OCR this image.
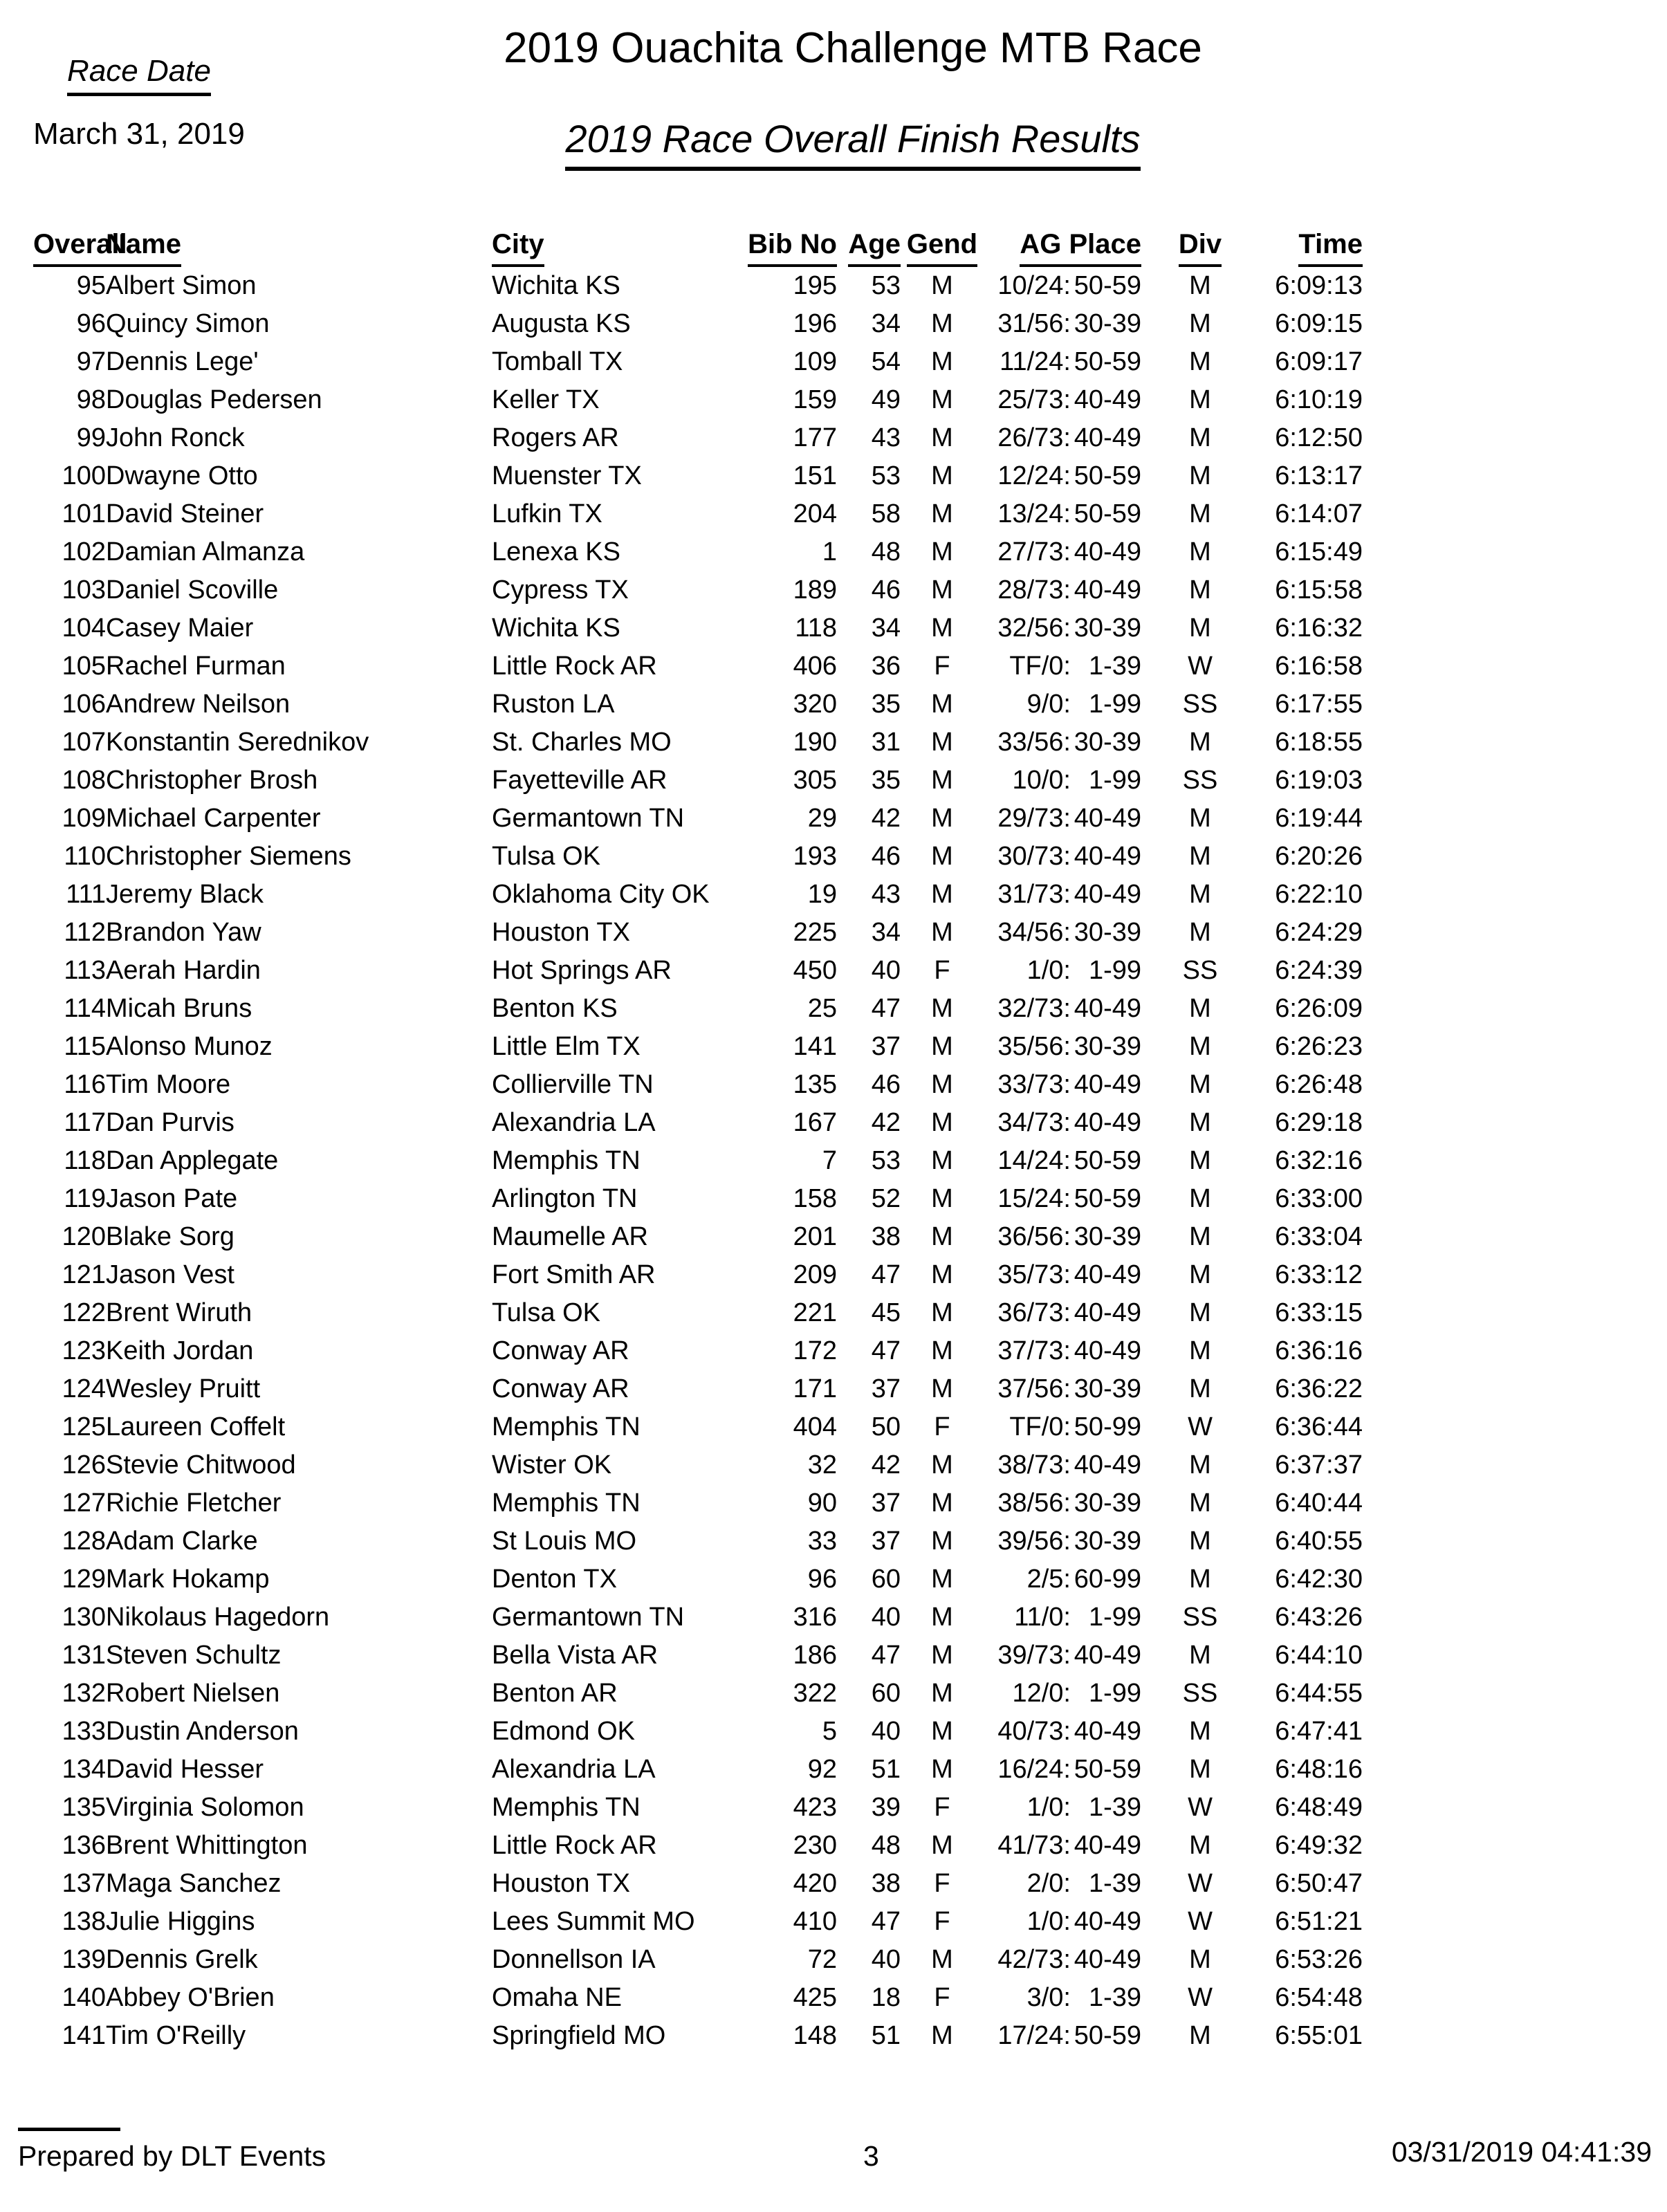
Race Date
March 31, 2019
2019 Ouachita Challenge MTB Race
2019 Race Overall Finish Results
Overall	Name	City	Bib No	Age	Gend	AG Place		Div	Time
95	Albert Simon	Wichita KS	195	53	M	10/24:	50-59	M	6:09:13
96	Quincy Simon	Augusta KS	196	34	M	31/56:	30-39	M	6:09:15
97	Dennis Lege'	Tomball TX	109	54	M	11/24:	50-59	M	6:09:17
98	Douglas Pedersen	Keller TX	159	49	M	25/73:	40-49	M	6:10:19
99	John Ronck	Rogers AR	177	43	M	26/73:	40-49	M	6:12:50
100	Dwayne Otto	Muenster TX	151	53	M	12/24:	50-59	M	6:13:17
101	David Steiner	Lufkin TX	204	58	M	13/24:	50-59	M	6:14:07
102	Damian Almanza	Lenexa KS	1	48	M	27/73:	40-49	M	6:15:49
103	Daniel Scoville	Cypress TX	189	46	M	28/73:	40-49	M	6:15:58
104	Casey Maier	Wichita KS	118	34	M	32/56:	30-39	M	6:16:32
105	Rachel Furman	Little Rock AR	406	36	F	TF/0:	1-39	W	6:16:58
106	Andrew Neilson	Ruston LA	320	35	M	9/0:	1-99	SS	6:17:55
107	Konstantin Serednikov	St. Charles MO	190	31	M	33/56:	30-39	M	6:18:55
108	Christopher Brosh	Fayetteville AR	305	35	M	10/0:	1-99	SS	6:19:03
109	Michael Carpenter	Germantown TN	29	42	M	29/73:	40-49	M	6:19:44
110	Christopher Siemens	Tulsa OK	193	46	M	30/73:	40-49	M	6:20:26
111	Jeremy Black	Oklahoma City OK	19	43	M	31/73:	40-49	M	6:22:10
112	Brandon Yaw	Houston TX	225	34	M	34/56:	30-39	M	6:24:29
113	Aerah Hardin	Hot Springs AR	450	40	F	1/0:	1-99	SS	6:24:39
114	Micah Bruns	Benton KS	25	47	M	32/73:	40-49	M	6:26:09
115	Alonso Munoz	Little Elm TX	141	37	M	35/56:	30-39	M	6:26:23
116	Tim Moore	Collierville TN	135	46	M	33/73:	40-49	M	6:26:48
117	Dan Purvis	Alexandria LA	167	42	M	34/73:	40-49	M	6:29:18
118	Dan Applegate	Memphis TN	7	53	M	14/24:	50-59	M	6:32:16
119	Jason Pate	Arlington TN	158	52	M	15/24:	50-59	M	6:33:00
120	Blake Sorg	Maumelle AR	201	38	M	36/56:	30-39	M	6:33:04
121	Jason Vest	Fort Smith AR	209	47	M	35/73:	40-49	M	6:33:12
122	Brent Wiruth	Tulsa OK	221	45	M	36/73:	40-49	M	6:33:15
123	Keith Jordan	Conway AR	172	47	M	37/73:	40-49	M	6:36:16
124	Wesley Pruitt	Conway AR	171	37	M	37/56:	30-39	M	6:36:22
125	Laureen Coffelt	Memphis TN	404	50	F	TF/0:	50-99	W	6:36:44
126	Stevie Chitwood	Wister OK	32	42	M	38/73:	40-49	M	6:37:37
127	Richie Fletcher	Memphis TN	90	37	M	38/56:	30-39	M	6:40:44
128	Adam Clarke	St Louis MO	33	37	M	39/56:	30-39	M	6:40:55
129	Mark Hokamp	Denton TX	96	60	M	2/5:	60-99	M	6:42:30
130	Nikolaus Hagedorn	Germantown TN	316	40	M	11/0:	1-99	SS	6:43:26
131	Steven Schultz	Bella Vista AR	186	47	M	39/73:	40-49	M	6:44:10
132	Robert Nielsen	Benton AR	322	60	M	12/0:	1-99	SS	6:44:55
133	Dustin Anderson	Edmond OK	5	40	M	40/73:	40-49	M	6:47:41
134	David Hesser	Alexandria LA	92	51	M	16/24:	50-59	M	6:48:16
135	Virginia Solomon	Memphis TN	423	39	F	1/0:	1-39	W	6:48:49
136	Brent Whittington	Little Rock AR	230	48	M	41/73:	40-49	M	6:49:32
137	Maga Sanchez	Houston TX	420	38	F	2/0:	1-39	W	6:50:47
138	Julie Higgins	Lees Summit MO	410	47	F	1/0:	40-49	W	6:51:21
139	Dennis Grelk	Donnellson IA	72	40	M	42/73:	40-49	M	6:53:26
140	Abbey O'Brien	Omaha NE	425	18	F	3/0:	1-39	W	6:54:48
141	Tim O'Reilly	Springfield MO	148	51	M	17/24:	50-59	M	6:55:01
Prepared by DLT Events	3	03/31/2019 04:41:39
